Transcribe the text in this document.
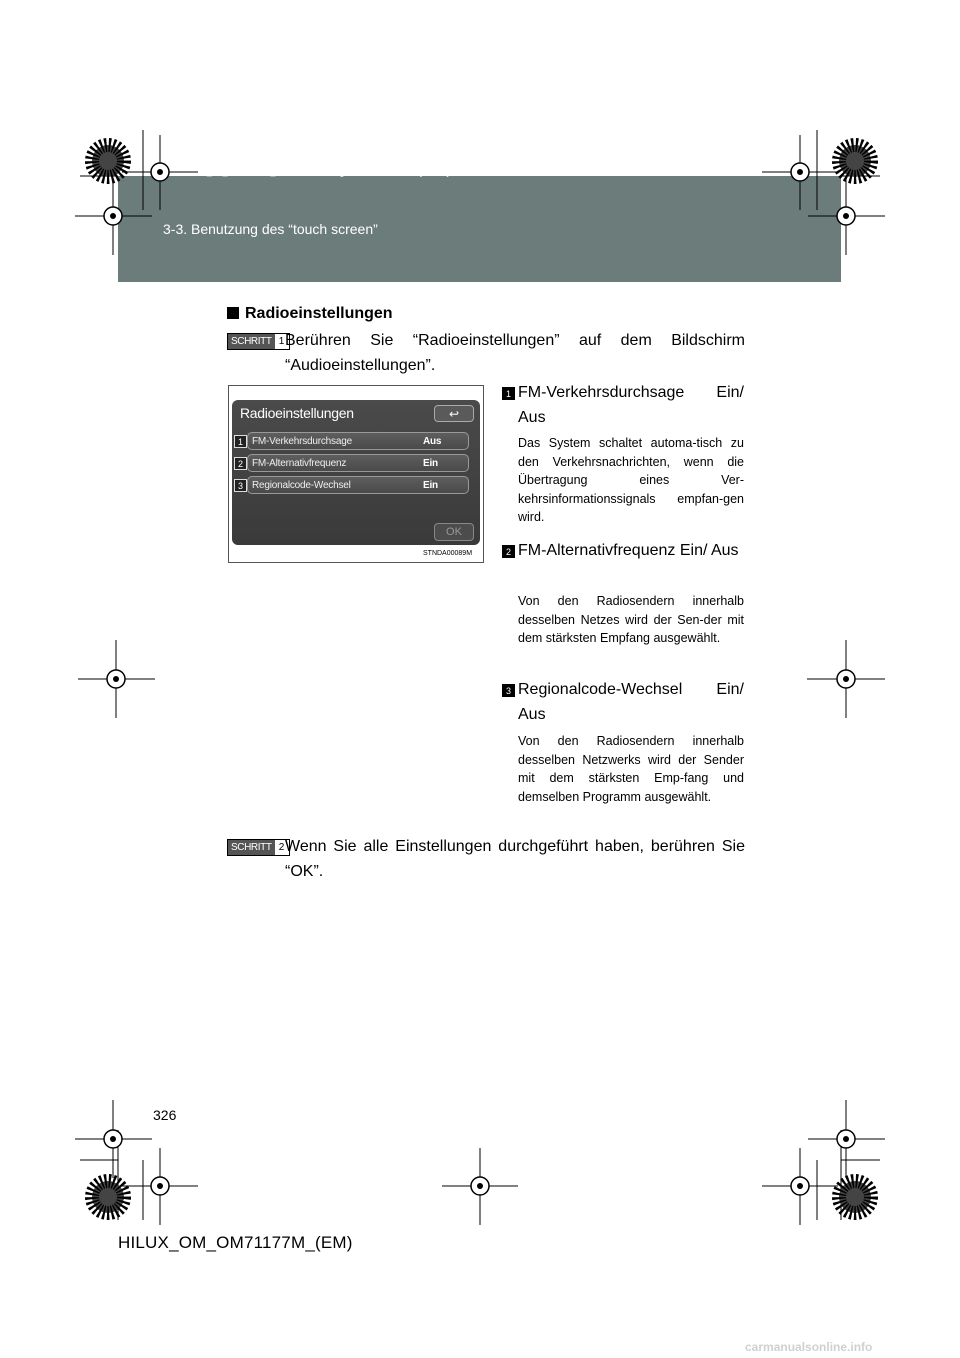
HILUX_OM_OM71177M_(EM).book Page 326 Wednesday, May 16, 2012 1:28 PM
3-3. Benutzung des “touch screen”
Radioeinstellungen
SCHRITT 1 Berühren Sie “Radioeinstellungen” auf dem Bildschirm “Audioeinstellungen”.
Radioeinstellungen	↩
1 FM-Verkehrsdurchsage	Aus
2 FM-Alternativfrequenz	Ein
3 Regionalcode-Wechsel	Ein
OK
STNDA00089M
1 FM-Verkehrsdurchsage Ein/ Aus
Das System schaltet automa-tisch zu den Verkehrsnachrichten, wenn die Übertragung eines Ver-kehrsinformationssignals empfan-gen wird.
2 FM-Alternativfrequenz Ein/ Aus
Von den Radiosendern innerhalb desselben Netzes wird der Sen-der mit dem stärksten Empfang ausgewählt.
3 Regionalcode-Wechsel Ein/ Aus
Von den Radiosendern innerhalb desselben Netzwerks wird der Sender mit dem stärksten Emp-fang und demselben Programm ausgewählt.
SCHRITT 2 Wenn Sie alle Einstellungen durchgeführt haben, berühren Sie “OK”.
326
HILUX_OM_OM71177M_(EM)
carmanualsonline.info
